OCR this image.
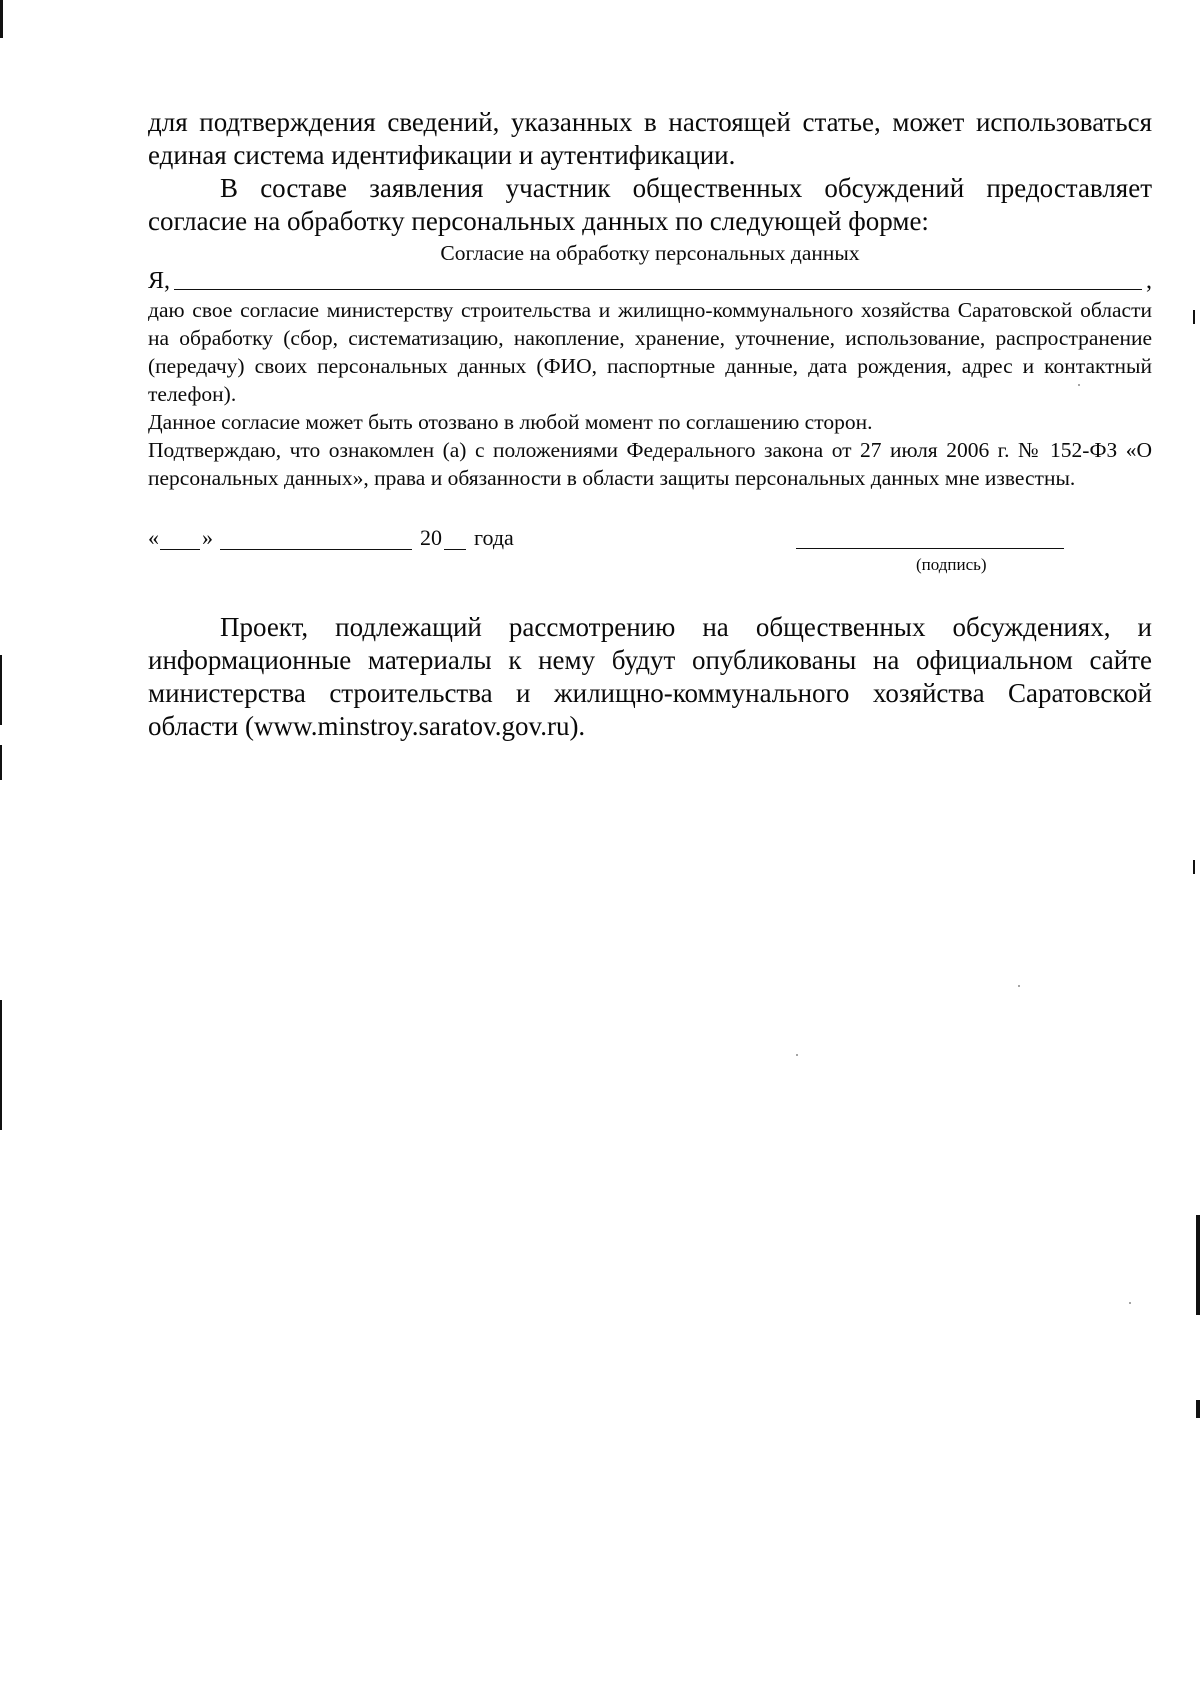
для подтверждения сведений, указанных в настоящей статье, может использоваться единая система идентификации и аутентификации.

В составе заявления участник общественных обсуждений предоставляет согласие на обработку персональных данных по следующей форме:

Согласие на обработку персональных данных

Я,	,

даю свое согласие министерству строительства и жилищно-коммунального хозяйства Саратовской области на обработку (сбор, систематизацию, накопление, хранение, уточнение, использование, распространение (передачу) своих персональных данных (ФИО, паспортные данные, дата рождения, адрес и контактный телефон).

Данное согласие может быть отозвано в любой момент по соглашению сторон.

Подтверждаю, что ознакомлен (а) с положениями Федерального закона от 27 июля 2006 г. № 152-ФЗ «О персональных данных», права и обязанности в области защиты персональных данных мне известны.

« »	20 года
(подпись)

Проект, подлежащий рассмотрению на общественных обсуждениях, и информационные материалы к нему будут опубликованы на официальном сайте министерства строительства и жилищно-коммунального хозяйства Саратовской области (www.minstroy.saratov.gov.ru).
